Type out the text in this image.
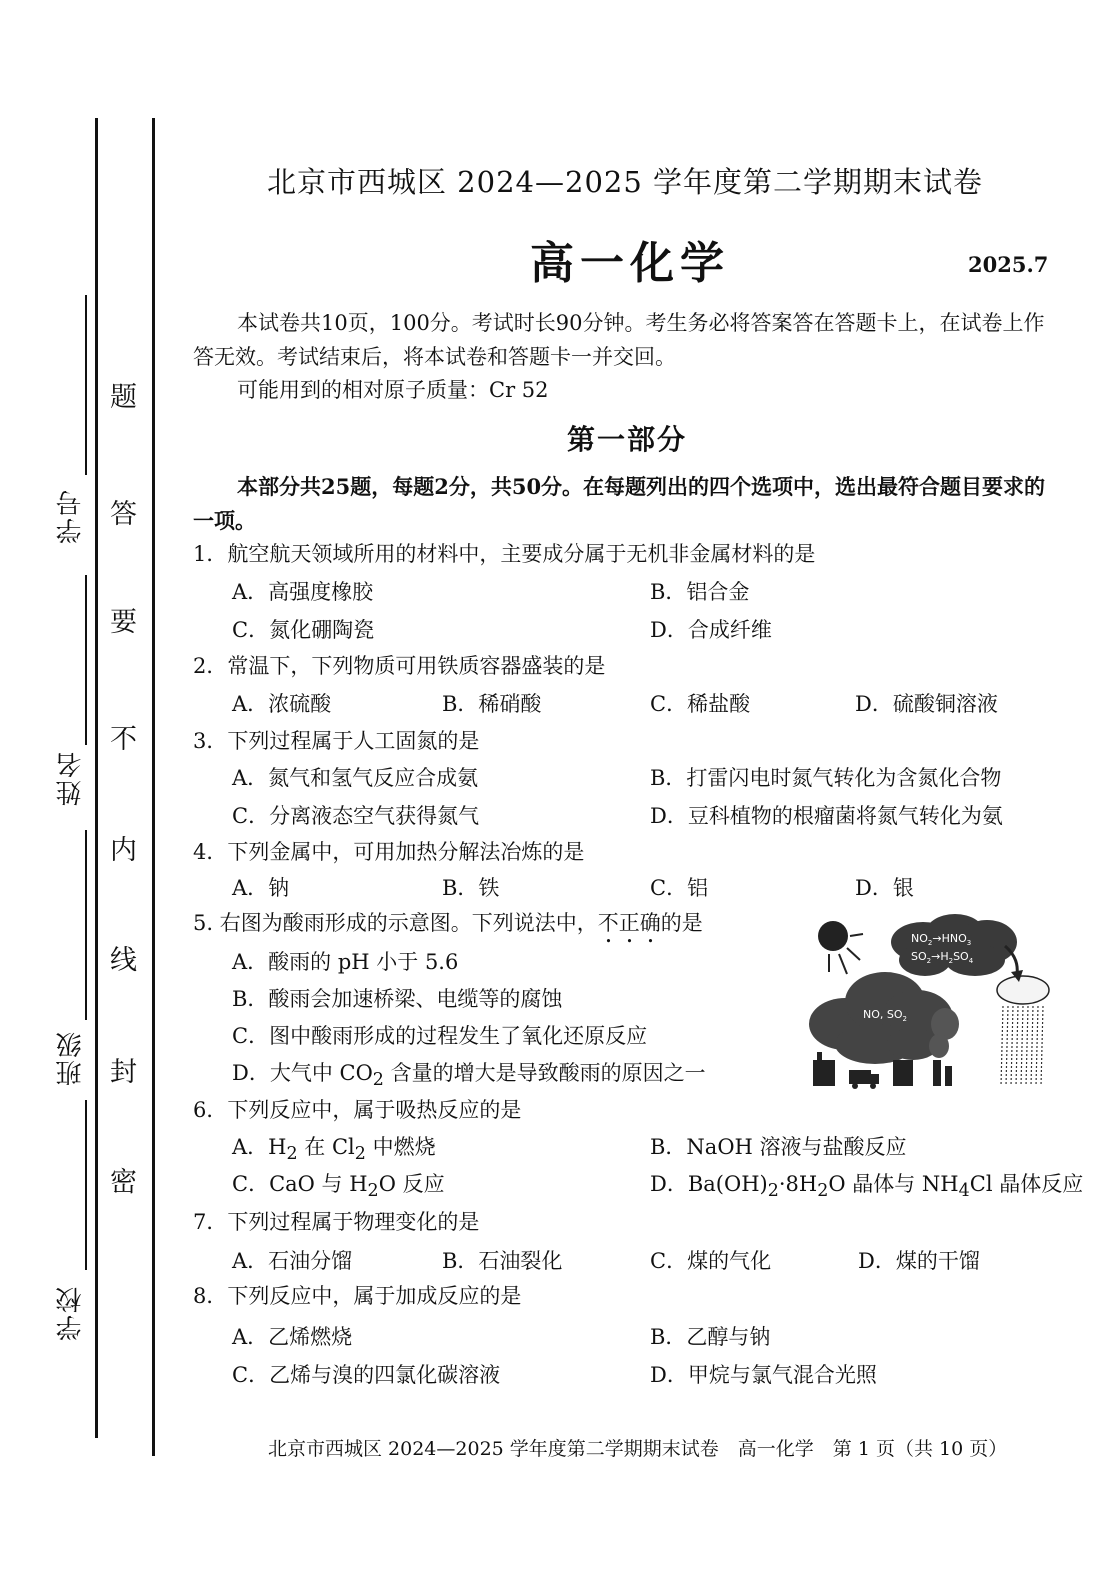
学号
姓名
班级
学校
题
答
要
不
内
线
封
密
北京市西城区 2024—2025 学年度第二学期期末试卷
高一化学	2025.7
本试卷共10页，100分。考试时长90分钟。考生务必将答案答在答题卡上，在试卷上作
答无效。考试结束后，将本试卷和答题卡一并交回。
可能用到的相对原子质量：Cr 52
第一部分
本部分共25题，每题2分，共50分。在每题列出的四个选项中，选出最符合题目要求的
一项。
1．航空航天领域所用的材料中，主要成分属于无机非金属材料的是
A．高强度橡胶	B．铝合金
C．氮化硼陶瓷	D．合成纤维
2．常温下，下列物质可用铁质容器盛装的是
A．浓硫酸	B．稀硝酸	C．稀盐酸	D．硫酸铜溶液
3．下列过程属于人工固氮的是
A．氮气和氢气反应合成氨	B．打雷闪电时氮气转化为含氮化合物
C．分离液态空气获得氮气	D．豆科植物的根瘤菌将氮气转化为氨
4．下列金属中，可用加热分解法冶炼的是
A．钠	B．铁	C．铝	D．银
5. 右图为酸雨形成的示意图。下列说法中，不正确的是
A．酸雨的 pH 小于 5.6
B．酸雨会加速桥梁、电缆等的腐蚀
C．图中酸雨形成的过程发生了氧化还原反应
D．大气中 $CO_2$ 含量的增大是导致酸雨的原因之一
$NO_2\to HNO_3$
$SO_2\to H_2SO_4$
NO, $SO_2$
6．下列反应中，属于吸热反应的是
A．$H_2$ 在 $Cl_2$ 中燃烧	B．NaOH 溶液与盐酸反应
C．CaO 与 $H_2O$ 反应	D．$Ba(OH)_2\cdot 8H_2O$ 晶体与 $NH_4Cl$ 晶体反应
7．下列过程属于物理变化的是
A．石油分馏	B．石油裂化	C．煤的气化	D．煤的干馏
8．下列反应中，属于加成反应的是
A．乙烯燃烧	B．乙醇与钠
C．乙烯与溴的四氯化碳溶液	D．甲烷与氯气混合光照
北京市西城区 2024—2025 学年度第二学期期末试卷　高一化学　第 1 页（共 10 页）
